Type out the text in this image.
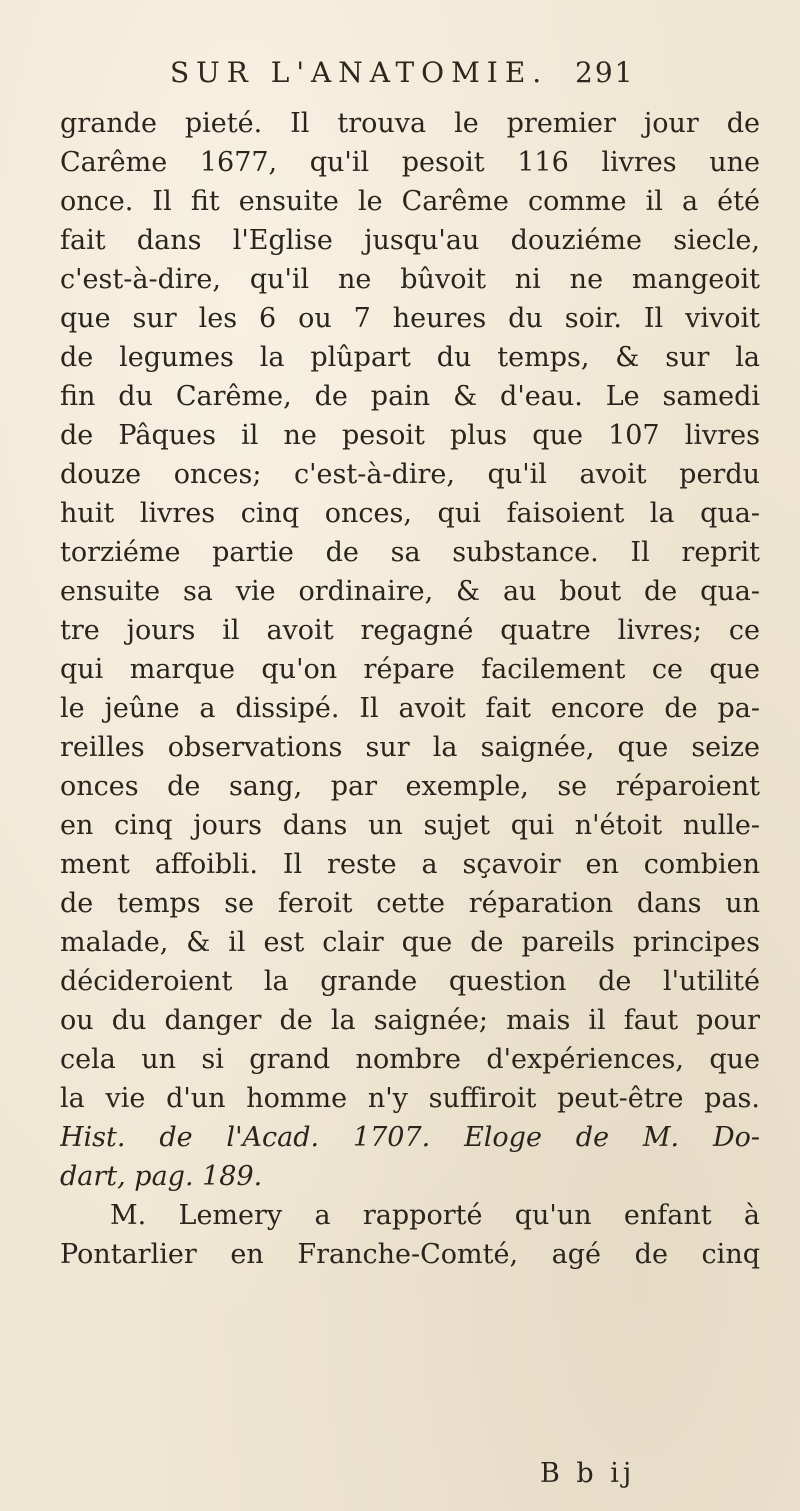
SUR L'ANATOMIE. 291
grande pieté. Il trouva le premier jour de
Carême 1677, qu'il pesoit 116 livres une
once. Il fit ensuite le Carême comme il a été
fait dans l'Eglise jusqu'au douziéme siecle,
c'est-à-dire, qu'il ne bûvoit ni ne mangeoit
que sur les 6 ou 7 heures du soir. Il vivoit
de legumes la plûpart du temps, & sur la
fin du Carême, de pain & d'eau. Le samedi
de Pâques il ne pesoit plus que 107 livres
douze onces; c'est-à-dire, qu'il avoit perdu
huit livres cinq onces, qui faisoient la qua-
torziéme partie de sa substance. Il reprit
ensuite sa vie ordinaire, & au bout de qua-
tre jours il avoit regagné quatre livres; ce
qui marque qu'on répare facilement ce que
le jeûne a dissipé. Il avoit fait encore de pa-
reilles observations sur la saignée, que seize
onces de sang, par exemple, se réparoient
en cinq jours dans un sujet qui n'étoit nulle-
ment affoibli. Il reste a sçavoir en combien
de temps se feroit cette réparation dans un
malade, & il est clair que de pareils principes
décideroient la grande question de l'utilité
ou du danger de la saignée; mais il faut pour
cela un si grand nombre d'expériences, que
la vie d'un homme n'y suffiroit peut-être pas.
Hist. de l'Acad. 1707. Eloge de M. Do-
dart, pag. 189.
M. Lemery a rapporté qu'un enfant à
Pontarlier en Franche-Comté, agé de cinq
B b ij
